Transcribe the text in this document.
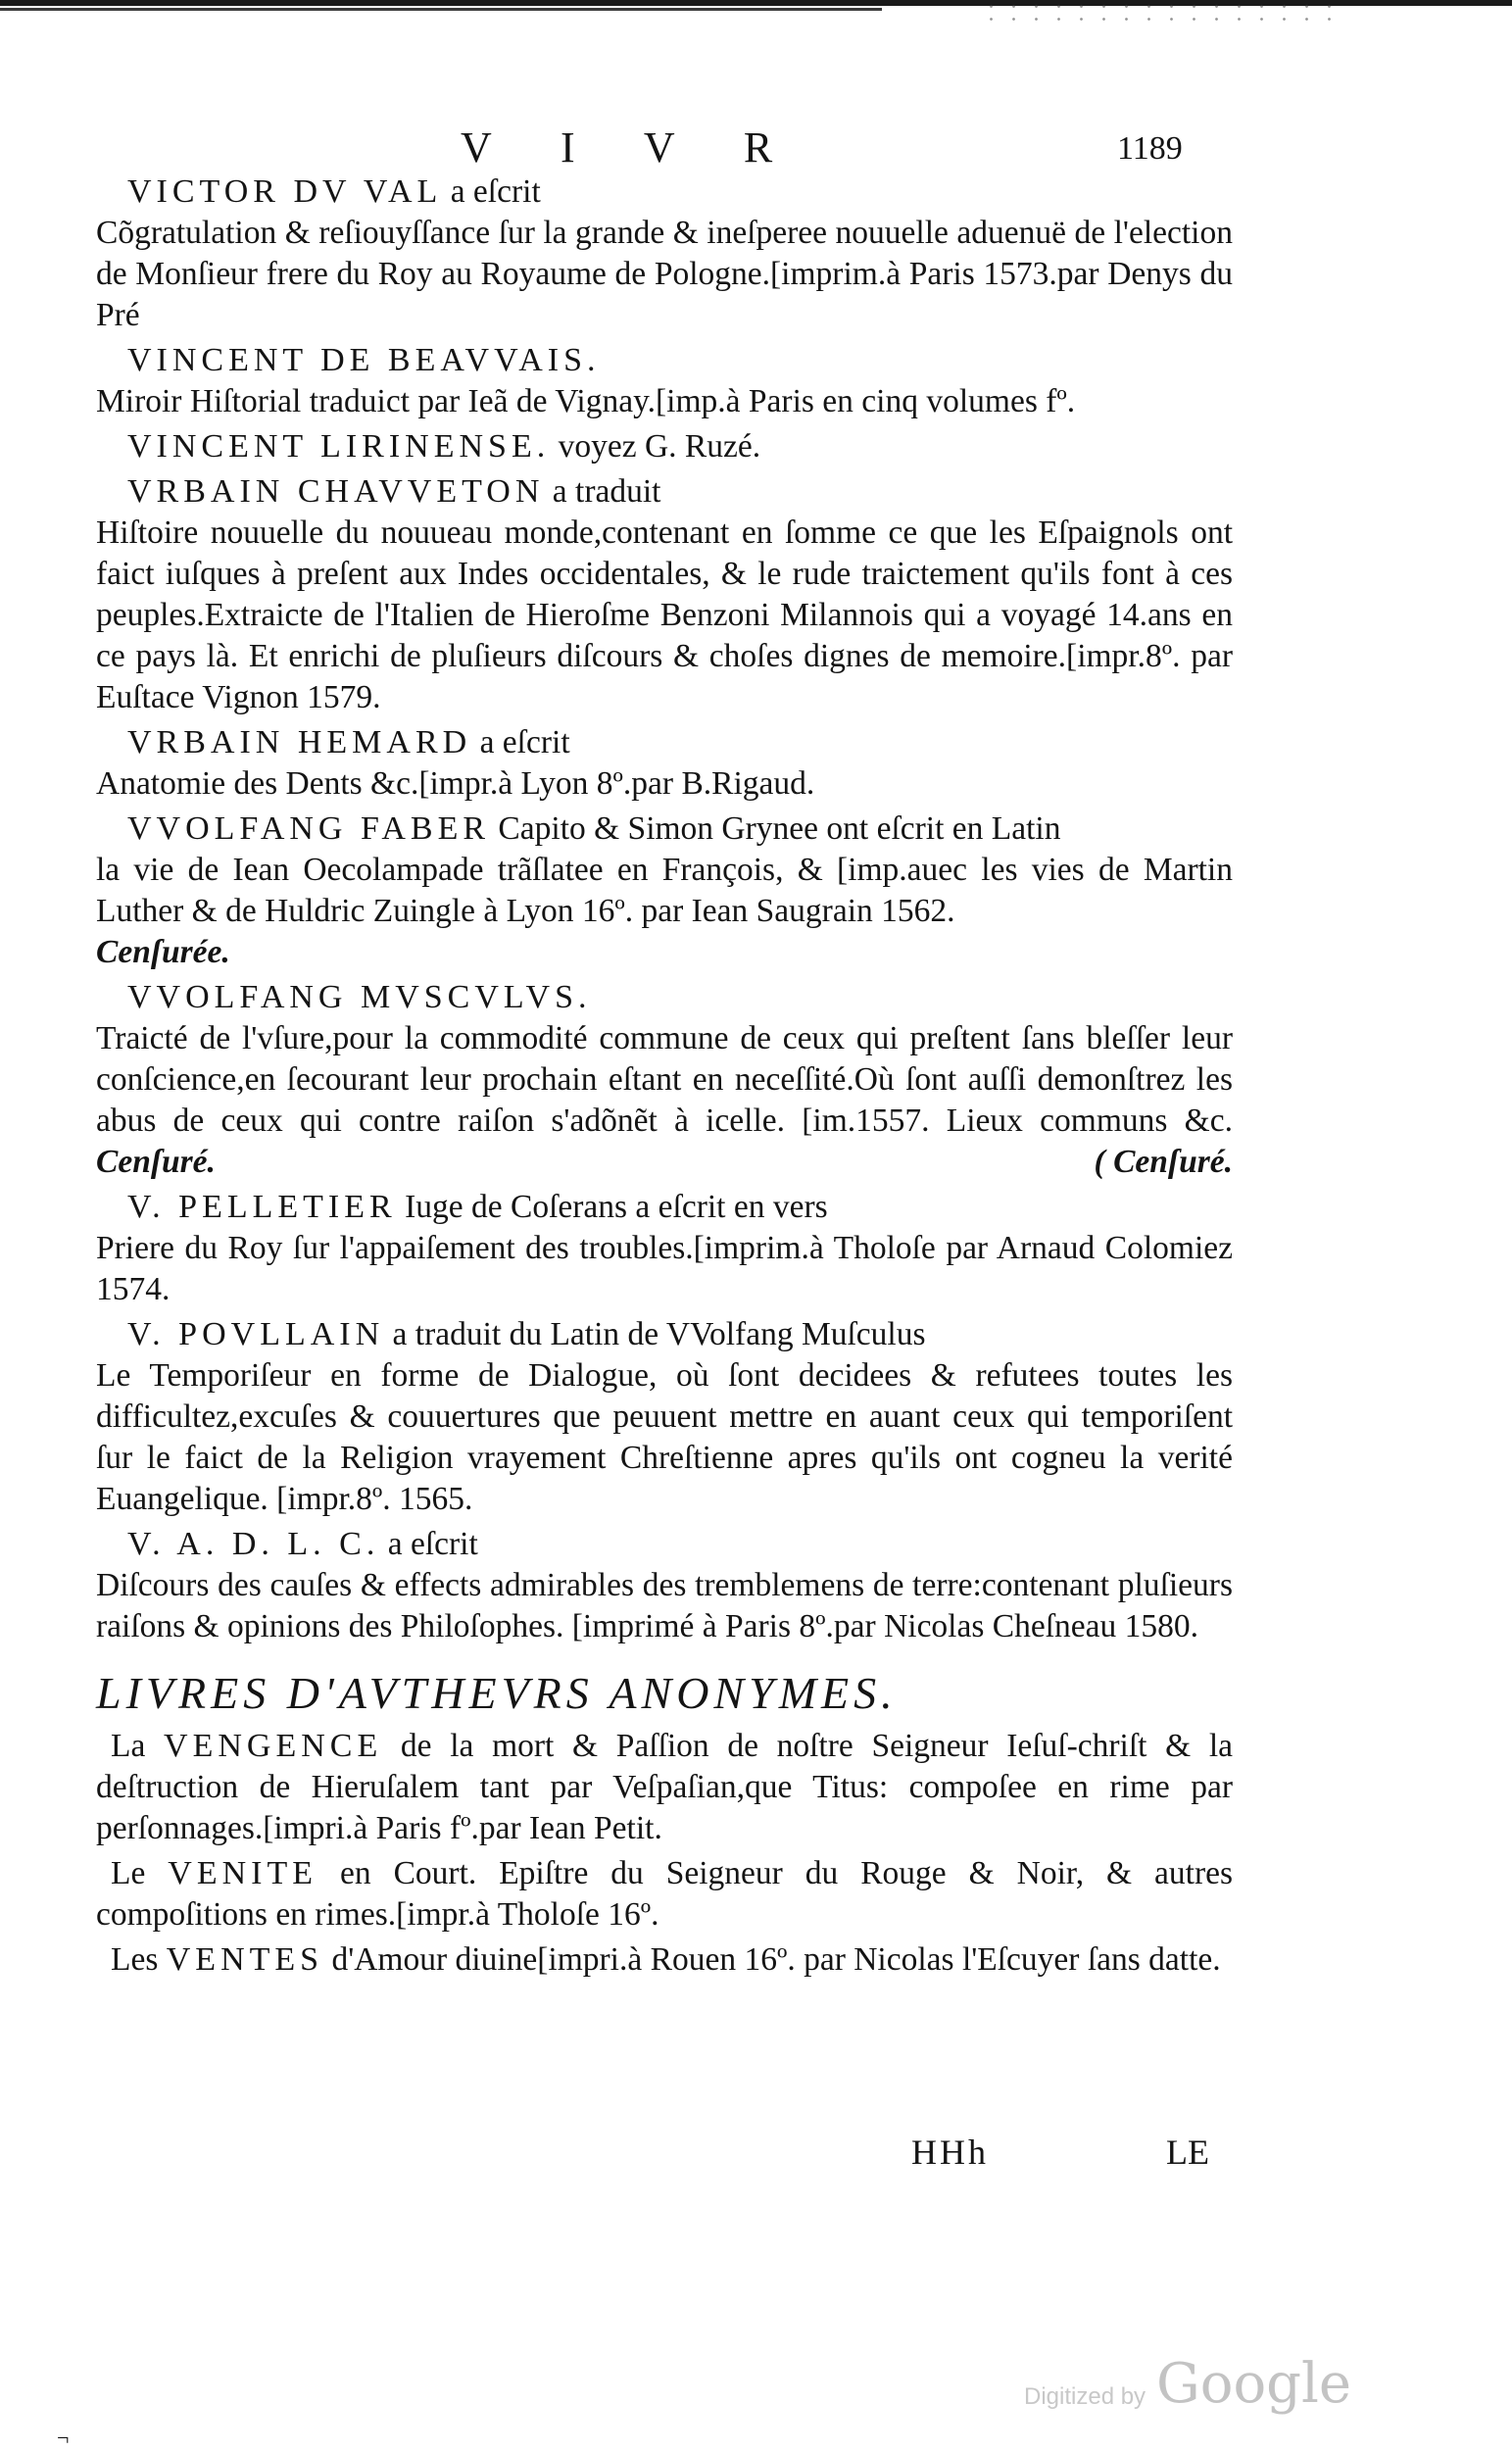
V I V R	1189
VICTOR DV VAL a eſcrit
Cõgratulation & reſiouyſſance ſur la grande & ineſperee nouuelle aduenuë de l'election de Monſieur frere du Roy au Royaume de Pologne.[imprim.à Paris 1573.par Denys du Pré
VINCENT DE BEAVVAIS.
Miroir Hiſtorial traduict par Ieã de Vignay.[imp.à Paris en cinq volumes fº.
VINCENT LIRINENSE. voyez G. Ruzé.
VRBAIN CHAVVETON a traduit
Hiſtoire nouuelle du nouueau monde,contenant en ſomme ce que les Eſpaignols ont faict iuſques à preſent aux Indes occidentales, & le rude traictement qu'ils font à ces peuples.Extraicte de l'Italien de Hieroſme Benzoni Milannois qui a voyagé 14.ans en ce pays là. Et enrichi de pluſieurs diſcours & choſes dignes de memoire.[impr.8º. par Euſtace Vignon 1579.
VRBAIN HEMARD a eſcrit
Anatomie des Dents &c.[impr.à Lyon 8º.par B.Rigaud.
VVOLFANG FABER Capito & Simon Grynee ont eſcrit en Latin
la vie de Iean Oecolampade trãſlatee en François, & [imp.auec les vies de Martin Luther & de Huldric Zuingle à Lyon 16º. par Iean Saugrain 1562.
Cenſurée.
VVOLFANG MVSCVLVS.
Traicté de l'vſure,pour la commodité commune de ceux qui preſtent ſans bleſſer leur conſcience,en ſecourant leur prochain eſtant en neceſſité.Où ſont auſſi demonſtrez les abus de ceux qui contre raiſon s'adõnẽt à icelle. [im.1557. Lieux communs &c. Cenſuré.	( Cenſuré.
V. PELLETIER Iuge de Coſerans a eſcrit en vers
Priere du Roy ſur l'appaiſement des troubles.[imprim.à Tholoſe par Arnaud Colomiez 1574.
V. POVLLAIN a traduit du Latin de VVolfang Muſculus
Le Temporiſeur en forme de Dialogue, où ſont decidees & refutees toutes les difficultez,excuſes & couuertures que peuuent mettre en auant ceux qui temporiſent ſur le faict de la Religion vrayement Chreſtienne apres qu'ils ont cogneu la verité Euangelique. [impr.8º. 1565.
V. A. D. L. C. a eſcrit
Diſcours des cauſes & effects admirables des tremblemens de terre:contenant pluſieurs raiſons & opinions des Philoſophes. [imprimé à Paris 8º.par Nicolas Cheſneau 1580.
LIVRES D'AVTHEVRS ANONYMES.
La VENGENCE de la mort & Paſſion de noſtre Seigneur Ieſuſ-chriſt & la deſtruction de Hieruſalem tant par Veſpaſian,que Titus: compoſee en rime par perſonnages.[impri.à Paris fº.par Iean Petit.
Le VENITE en Court. Epiſtre du Seigneur du Rouge & Noir, & autres compoſitions en rimes.[impr.à Tholoſe 16º.
Les VENTES d'Amour diuine[impri.à Rouen 16º. par Nicolas l'Eſcuyer ſans datte.
HHh	LE
Digitized by Google
¬
